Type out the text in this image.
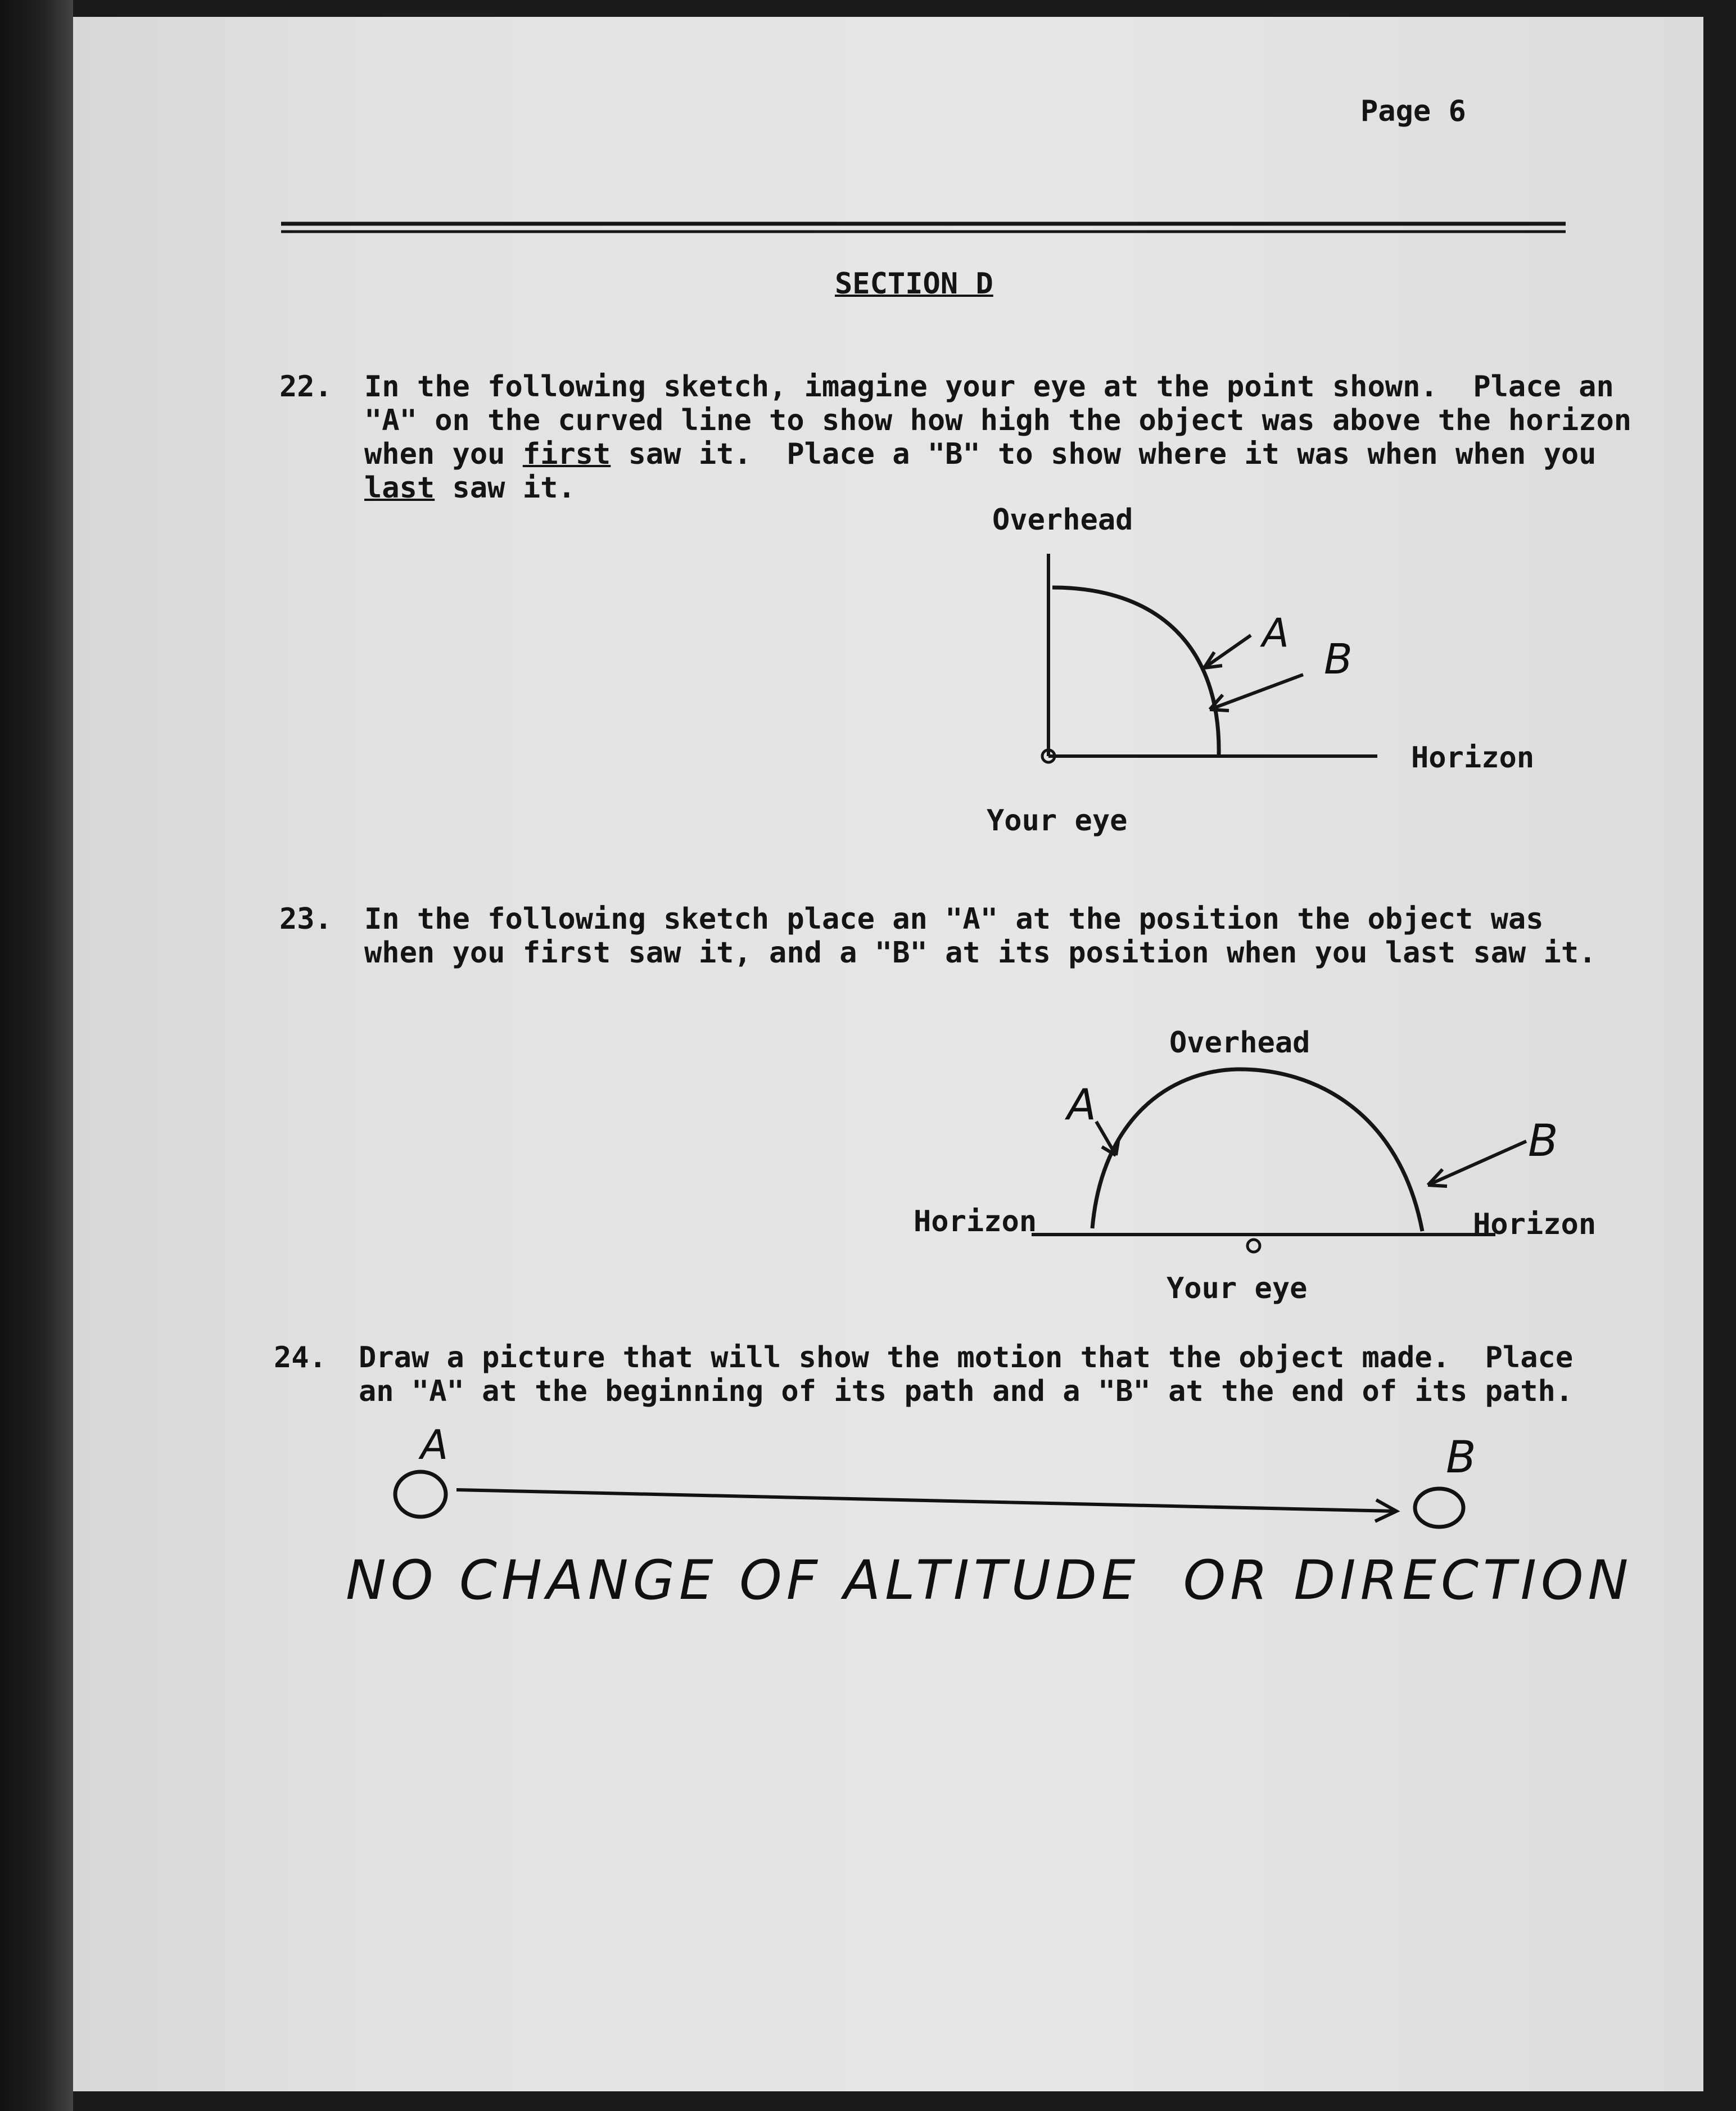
Page 6
SECTION D
22. In the following sketch, imagine your eye at the point shown.  Place an
"A" on the curved line to show how high the object was above the horizon
when you first saw it.  Place a "B" to show where it was when when you
last saw it.
Overhead
Horizon
Your eye
A
B
23. In the following sketch place an "A" at the position the object was
when you first saw it, and a "B" at its position when you last saw it.
Overhead
Horizon	Horizon
Your eye
A
B
24. Draw a picture that will show the motion that the object made.  Place
an "A" at the beginning of its path and a "B" at the end of its path.
A	B
NO CHANGE OF ALTITUDE  OR DIRECTION
